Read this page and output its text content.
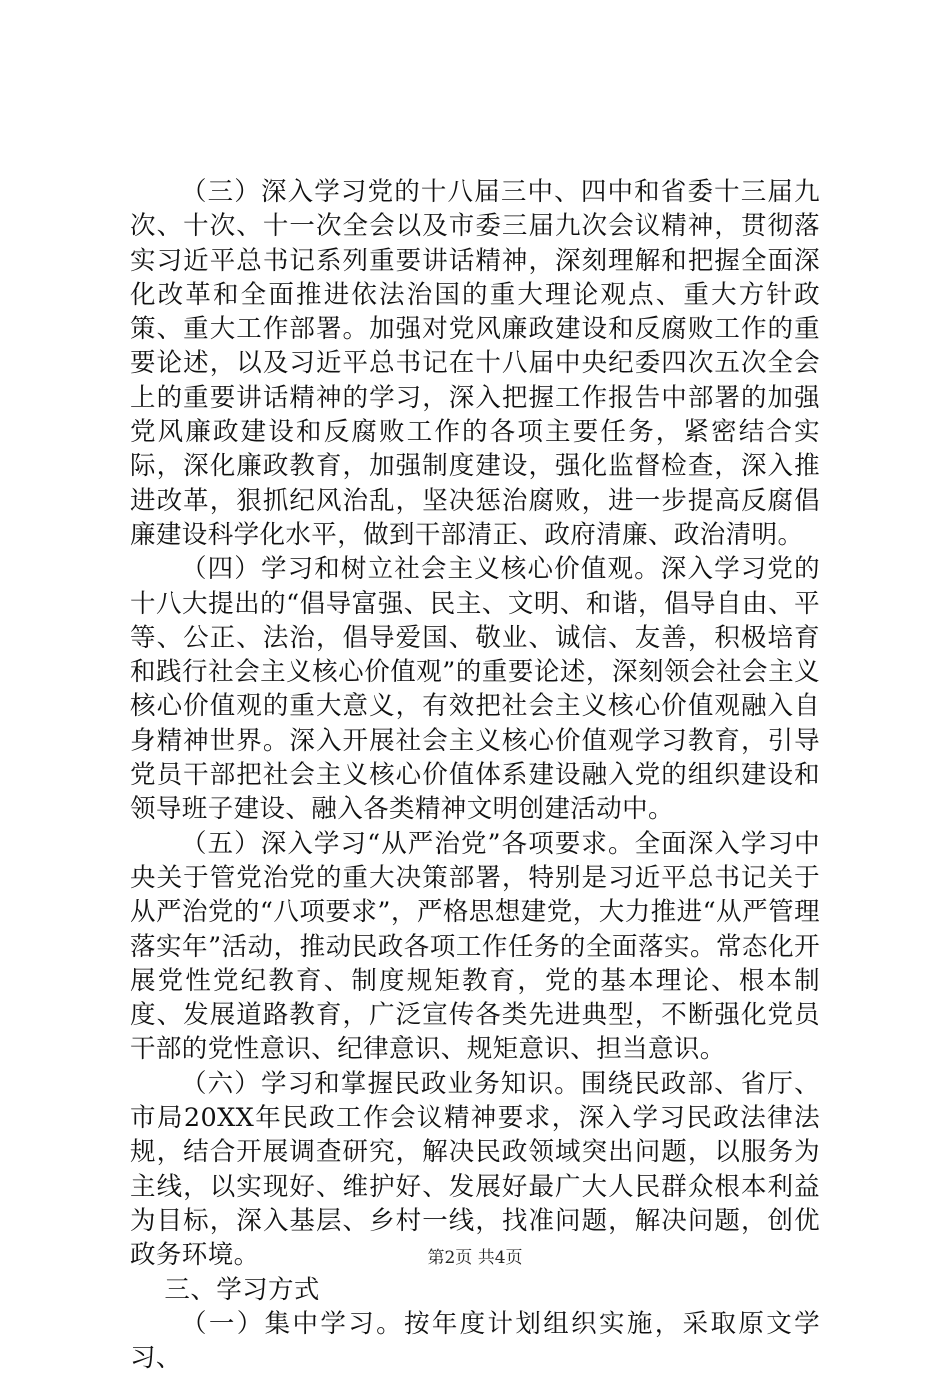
（三）深入学习党的十八届三中、四中和省委十三届九次、十次、十一次全会以及市委三届九次会议精神，贯彻落实习近平总书记系列重要讲话精神，深刻理解和把握全面深化改革和全面推进依法治国的重大理论观点、重大方针政策、重大工作部署。加强对党风廉政建设和反腐败工作的重要论述，以及习近平总书记在十八届中央纪委四次五次全会上的重要讲话精神的学习，深入把握工作报告中部署的加强党风廉政建设和反腐败工作的各项主要任务，紧密结合实际，深化廉政教育，加强制度建设，强化监督检查，深入推进改革，狠抓纪风治乱，坚决惩治腐败，进一步提高反腐倡廉建设科学化水平，做到干部清正、政府清廉、政治清明。

（四）学习和树立社会主义核心价值观。深入学习党的十八大提出的“倡导富强、民主、文明、和谐，倡导自由、平等、公正、法治，倡导爱国、敬业、诚信、友善，积极培育和践行社会主义核心价值观”的重要论述，深刻领会社会主义核心价值观的重大意义，有效把社会主义核心价值观融入自身精神世界。深入开展社会主义核心价值观学习教育，引导党员干部把社会主义核心价值体系建设融入党的组织建设和领导班子建设、融入各类精神文明创建活动中。

（五）深入学习“从严治党”各项要求。全面深入学习中央关于管党治党的重大决策部署，特别是习近平总书记关于从严治党的“八项要求”，严格思想建党，大力推进“从严管理落实年”活动，推动民政各项工作任务的全面落实。常态化开展党性党纪教育、制度规矩教育，党的基本理论、根本制度、发展道路教育，广泛宣传各类先进典型，不断强化党员干部的党性意识、纪律意识、规矩意识、担当意识。

（六）学习和掌握民政业务知识。围绕民政部、省厅、市局20XX年民政工作会议精神要求，深入学习民政法律法规，结合开展调查研究，解决民政领域突出问题，以服务为主线，以实现好、维护好、发展好最广大人民群众根本利益为目标，深入基层、乡村一线，找准问题，解决问题，创优政务环境。

三、学习方式

（一）集中学习。按年度计划组织实施，采取原文学习、

第2页 共4页
